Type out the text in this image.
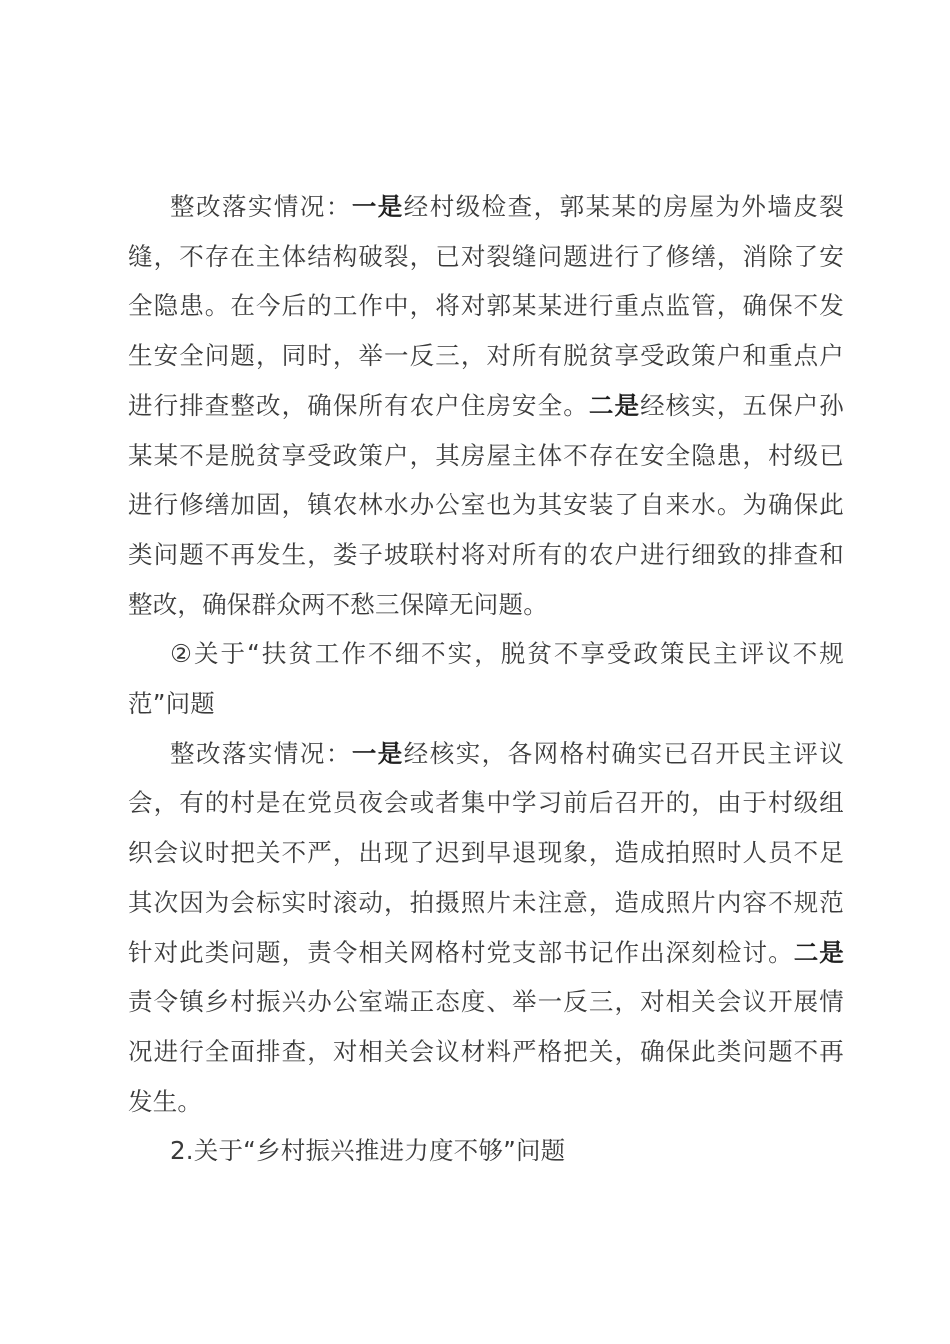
整改落实情况：一是经村级检查，郭某某的房屋为外墙皮裂缝，不存在主体结构破裂，已对裂缝问题进行了修缮，消除了安全隐患。在今后的工作中，将对郭某某进行重点监管，确保不发生安全问题，同时，举一反三，对所有脱贫享受政策户和重点户进行排查整改，确保所有农户住房安全。二是经核实，五保户孙某某不是脱贫享受政策户，其房屋主体不存在安全隐患，村级已进行修缮加固，镇农林水办公室也为其安装了自来水。为确保此类问题不再发生，娄子坡联村将对所有的农户进行细致的排查和整改，确保群众两不愁三保障无问题。

②关于“扶贫工作不细不实，脱贫不享受政策民主评议不规范”问题

整改落实情况：一是经核实，各网格村确实已召开民主评议会，有的村是在党员夜会或者集中学习前后召开的，由于村级组织会议时把关不严，出现了迟到早退现象，造成拍照时人员不足其次因为会标实时滚动，拍摄照片未注意，造成照片内容不规范针对此类问题，责令相关网格村党支部书记作出深刻检讨。二是责令镇乡村振兴办公室端正态度、举一反三，对相关会议开展情况进行全面排查，对相关会议材料严格把关，确保此类问题不再发生。

2.关于“乡村振兴推进力度不够”问题
